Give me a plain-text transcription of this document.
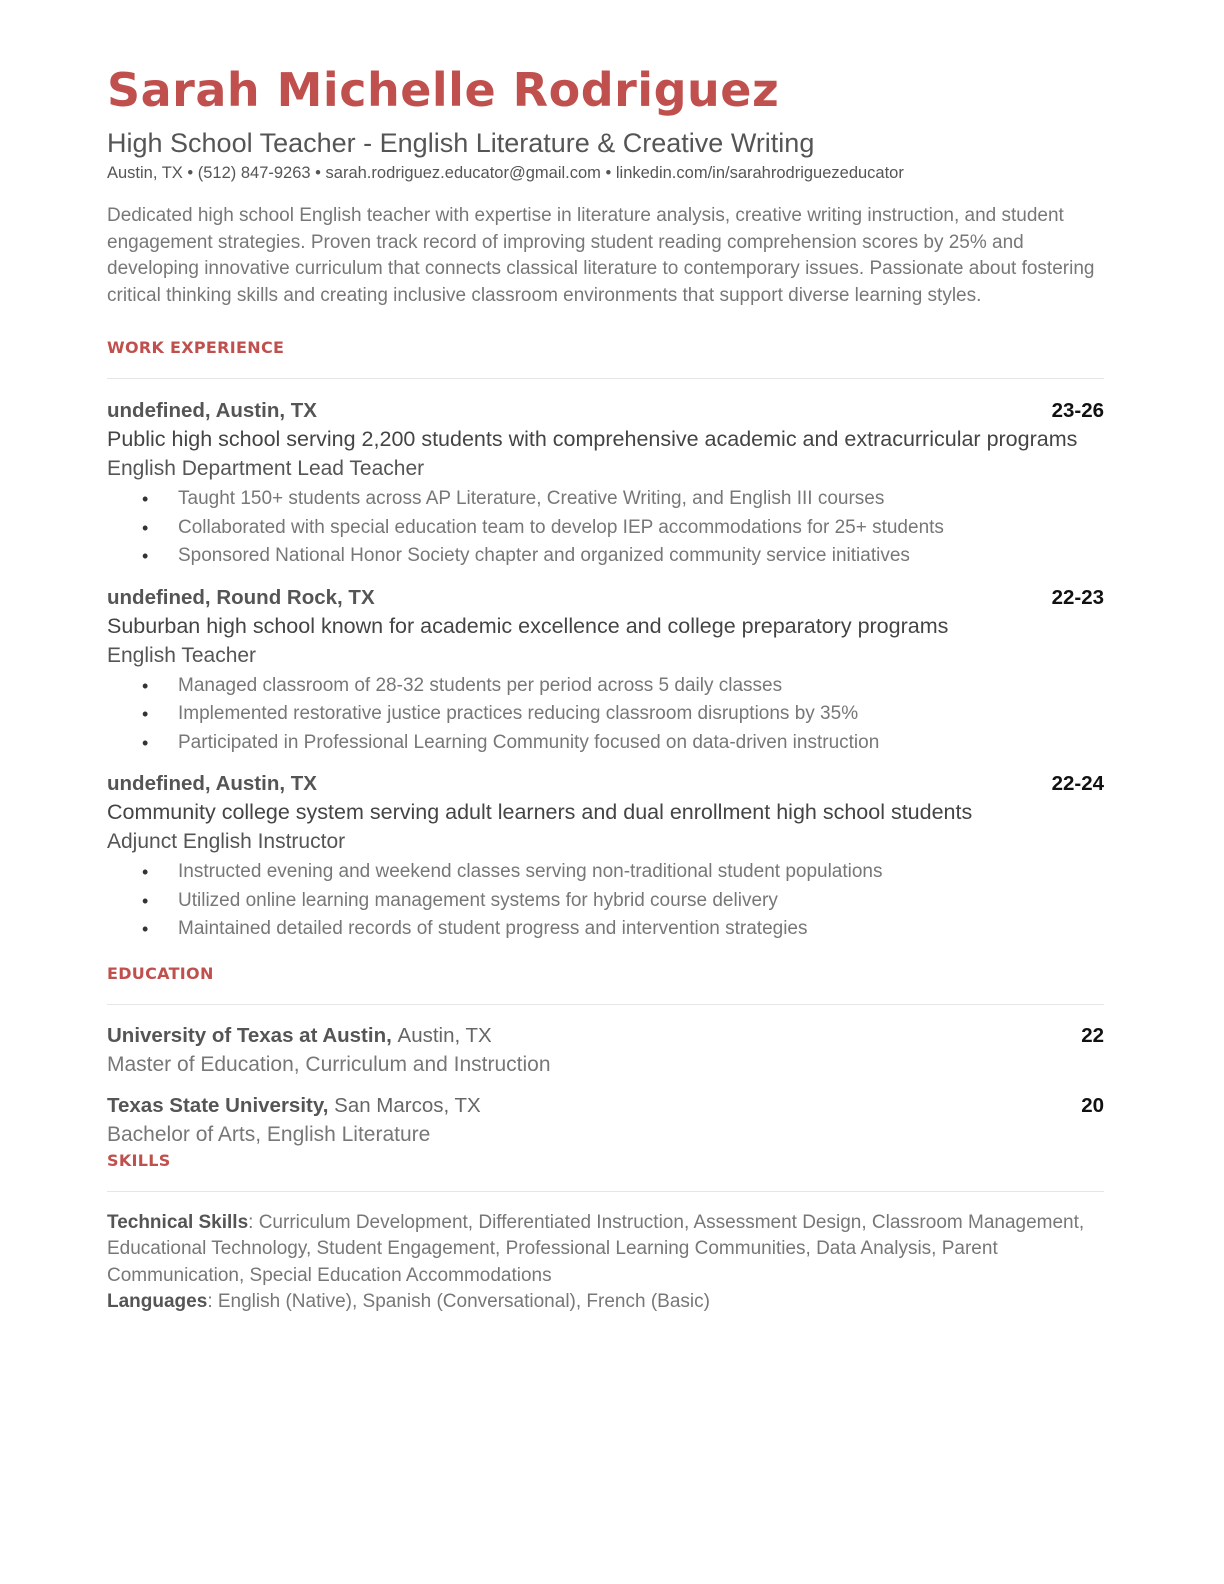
Sarah Michelle Rodriguez
High School Teacher - English Literature & Creative Writing
Austin, TX • (512) 847-9263 • sarah.rodriguez.educator@gmail.com • linkedin.com/in/sarahrodriguezeducator
Dedicated high school English teacher with expertise in literature analysis, creative writing instruction, and student engagement strategies. Proven track record of improving student reading comprehension scores by 25% and developing innovative curriculum that connects classical literature to contemporary issues. Passionate about fostering critical thinking skills and creating inclusive classroom environments that support diverse learning styles.
WORK EXPERIENCE
undefined, Austin, TX	23-26
Public high school serving 2,200 students with comprehensive academic and extracurricular programs
English Department Lead Teacher
• Taught 150+ students across AP Literature, Creative Writing, and English III courses
• Collaborated with special education team to develop IEP accommodations for 25+ students
• Sponsored National Honor Society chapter and organized community service initiatives
undefined, Round Rock, TX	22-23
Suburban high school known for academic excellence and college preparatory programs
English Teacher
• Managed classroom of 28-32 students per period across 5 daily classes
• Implemented restorative justice practices reducing classroom disruptions by 35%
• Participated in Professional Learning Community focused on data-driven instruction
undefined, Austin, TX	22-24
Community college system serving adult learners and dual enrollment high school students
Adjunct English Instructor
• Instructed evening and weekend classes serving non-traditional student populations
• Utilized online learning management systems for hybrid course delivery
• Maintained detailed records of student progress and intervention strategies
EDUCATION
University of Texas at Austin, Austin, TX	22
Master of Education, Curriculum and Instruction
Texas State University, San Marcos, TX	20
Bachelor of Arts, English Literature
SKILLS
Technical Skills: Curriculum Development, Differentiated Instruction, Assessment Design, Classroom Management, Educational Technology, Student Engagement, Professional Learning Communities, Data Analysis, Parent Communication, Special Education Accommodations
Languages: English (Native), Spanish (Conversational), French (Basic)
